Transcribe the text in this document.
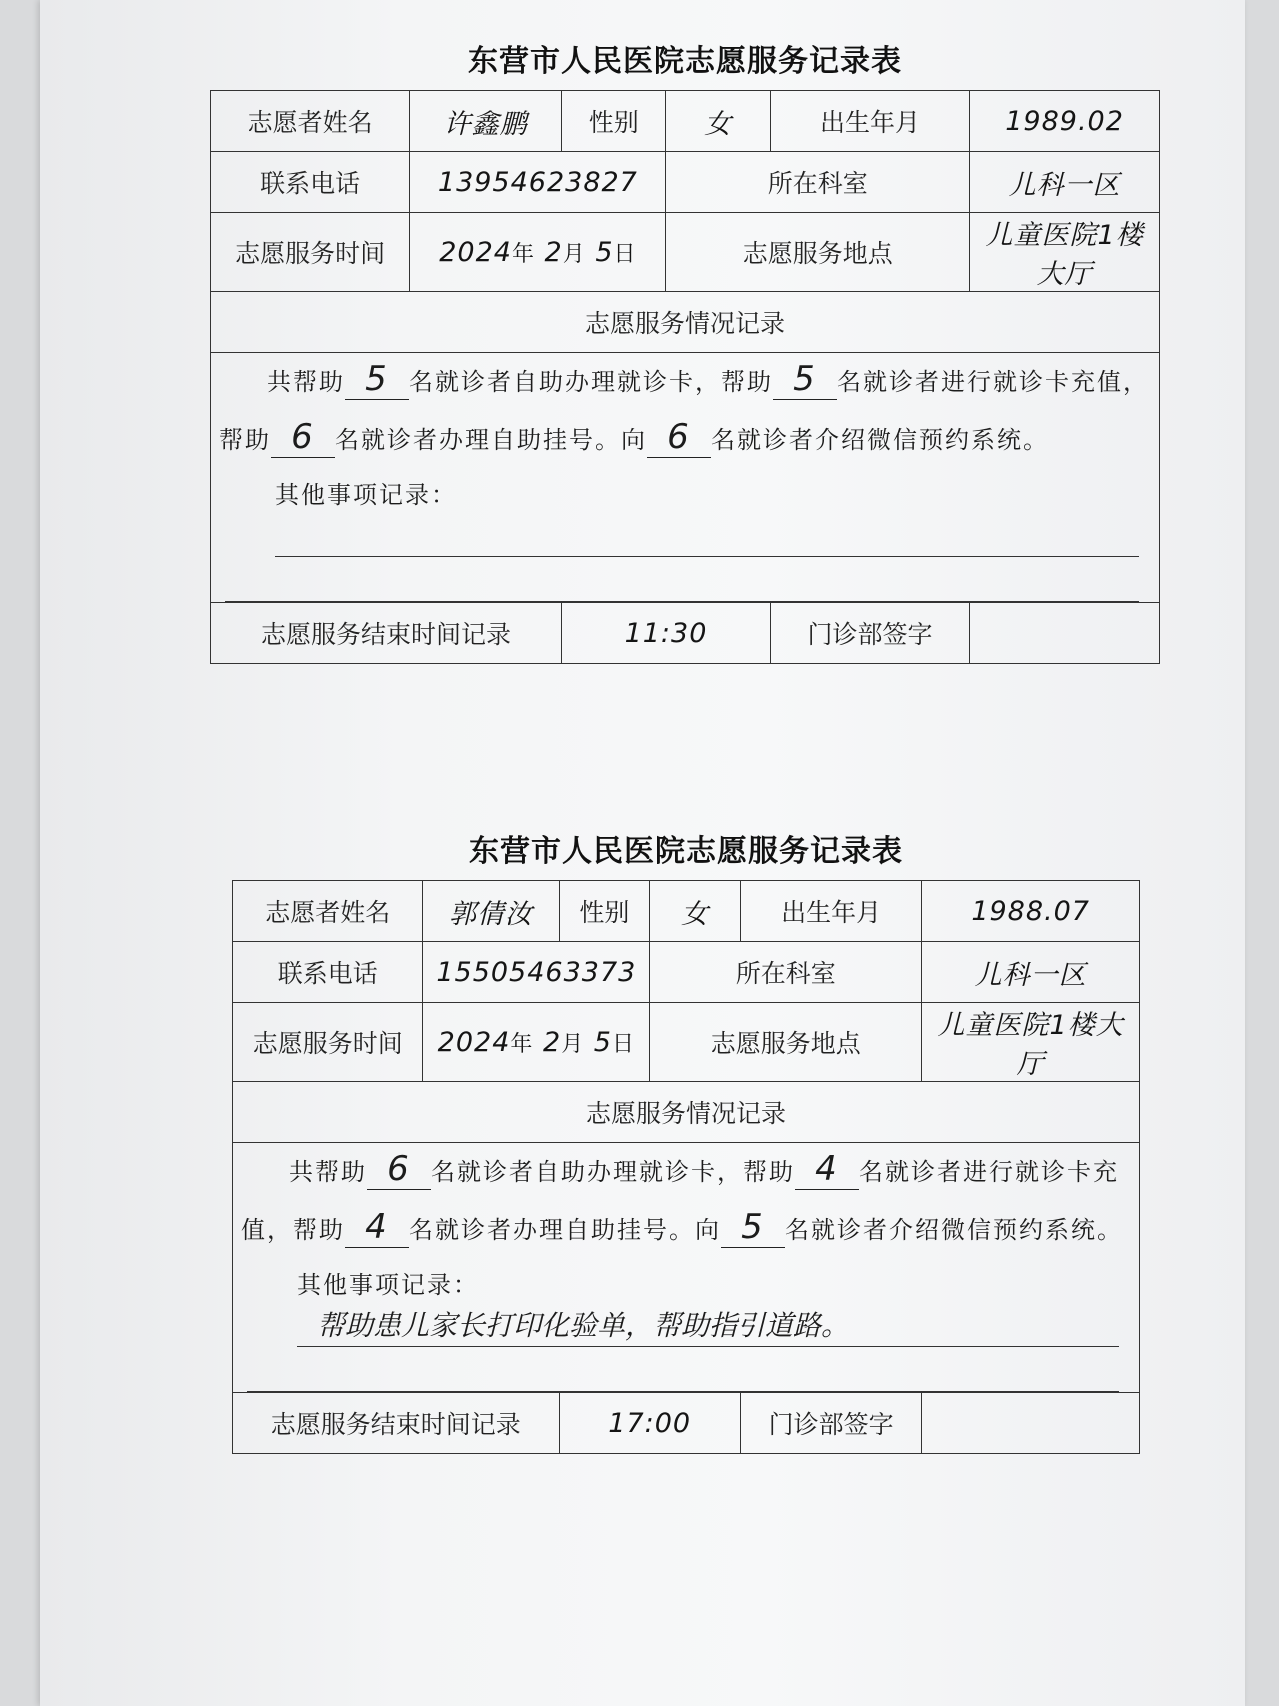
东营市人民医院志愿服务记录表
志愿者姓名	许鑫鹏	性别	女	出生年月	1989.02
联系电话	13954623827		所在科室		儿科一区
志愿服务时间	2024年 2月 5日		志愿服务地点		儿童医院1楼大厅
志愿服务情况记录					

共帮助 5 名就诊者自助办理就诊卡，帮助 5 名就诊者进行就诊卡充值，帮助 6 名就诊者办理自助挂号。向 6 名就诊者介绍微信预约系统。
其他事项记录：					

志愿服务结束时间记录		11:30		门诊部签字	
东营市人民医院志愿服务记录表
志愿者姓名	郭倩汝	性别	女	出生年月	1988.07
联系电话	15505463373		所在科室		儿科一区
志愿服务时间	2024年 2月 5日		志愿服务地点		儿童医院1楼大厅
志愿服务情况记录					

共帮助 6 名就诊者自助办理就诊卡，帮助 4 名就诊者进行就诊卡充值，帮助 4 名就诊者办理自助挂号。向 5 名就诊者介绍微信预约系统。
其他事项记录：
帮助患儿家长打印化验单，帮助指引道路。					

志愿服务结束时间记录		17:00		门诊部签字	
